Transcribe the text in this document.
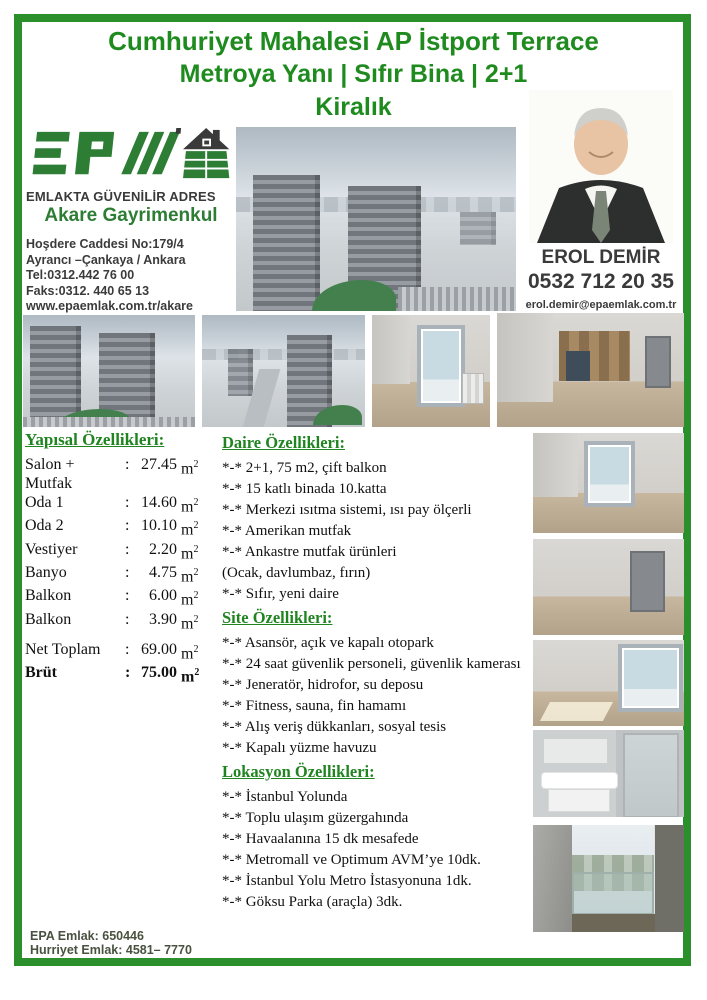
Cumhuriyet Mahalesi AP İstport Terrace
Metroya Yanı | Sıfır Bina | 2+1
Kiralık
EMLAKTA GÜVENİLİR ADRES
Akare Gayrimenkul
Hoşdere Caddesi No:179/4
Ayrancı –Çankaya / Ankara
Tel:0312.442 76 00
Faks:0312. 440 65 13
www.epaemlak.com.tr/akare
EROL DEMİR
0532 712 20 35
erol.demir@epaemlak.com.tr
Yapısal Özellikleri:
Salon + Mutfak
: 27.45 $m^2$
Oda 1	: 14.60 $m^2$
Oda 2	: 10.10 $m^2$
Vestiyer	:	2.20 $m^2$
Banyo	:	4.75 $m^2$
Balkon	:	6.00 $m^2$
Balkon	:	3.90 $m^2$
Net Toplam	: 69.00 $m^2$
Brüt	: 75.00 $m^2$
Daire Özellikleri:
*-* 2+1, 75 m2, çift balkon
*-* 15 katlı binada 10.katta
*-* Merkezi ısıtma sistemi, ısı pay ölçerli
*-* Amerikan mutfak
*-* Ankastre mutfak ürünleri
(Ocak, davlumbaz, fırın)
*-* Sıfır, yeni daire
Site Özellikleri:
*-* Asansör, açık ve kapalı otopark
*-* 24 saat güvenlik personeli, güvenlik kamerası
*-* Jeneratör, hidrofor, su deposu
*-* Fitness, sauna, fin hamamı
*-* Alış veriş dükkanları, sosyal tesis
*-* Kapalı yüzme havuzu
Lokasyon Özellikleri:
*-* İstanbul Yolunda
*-* Toplu ulaşım güzergahında
*-* Havaalanına 15 dk mesafede
*-* Metromall ve Optimum AVM’ye 10dk.
*-* İstanbul Yolu Metro İstasyonuna 1dk.
*-* Göksu Parka (araçla) 3dk.
EPA Emlak: 650446
Hurriyet Emlak: 4581– 7770
